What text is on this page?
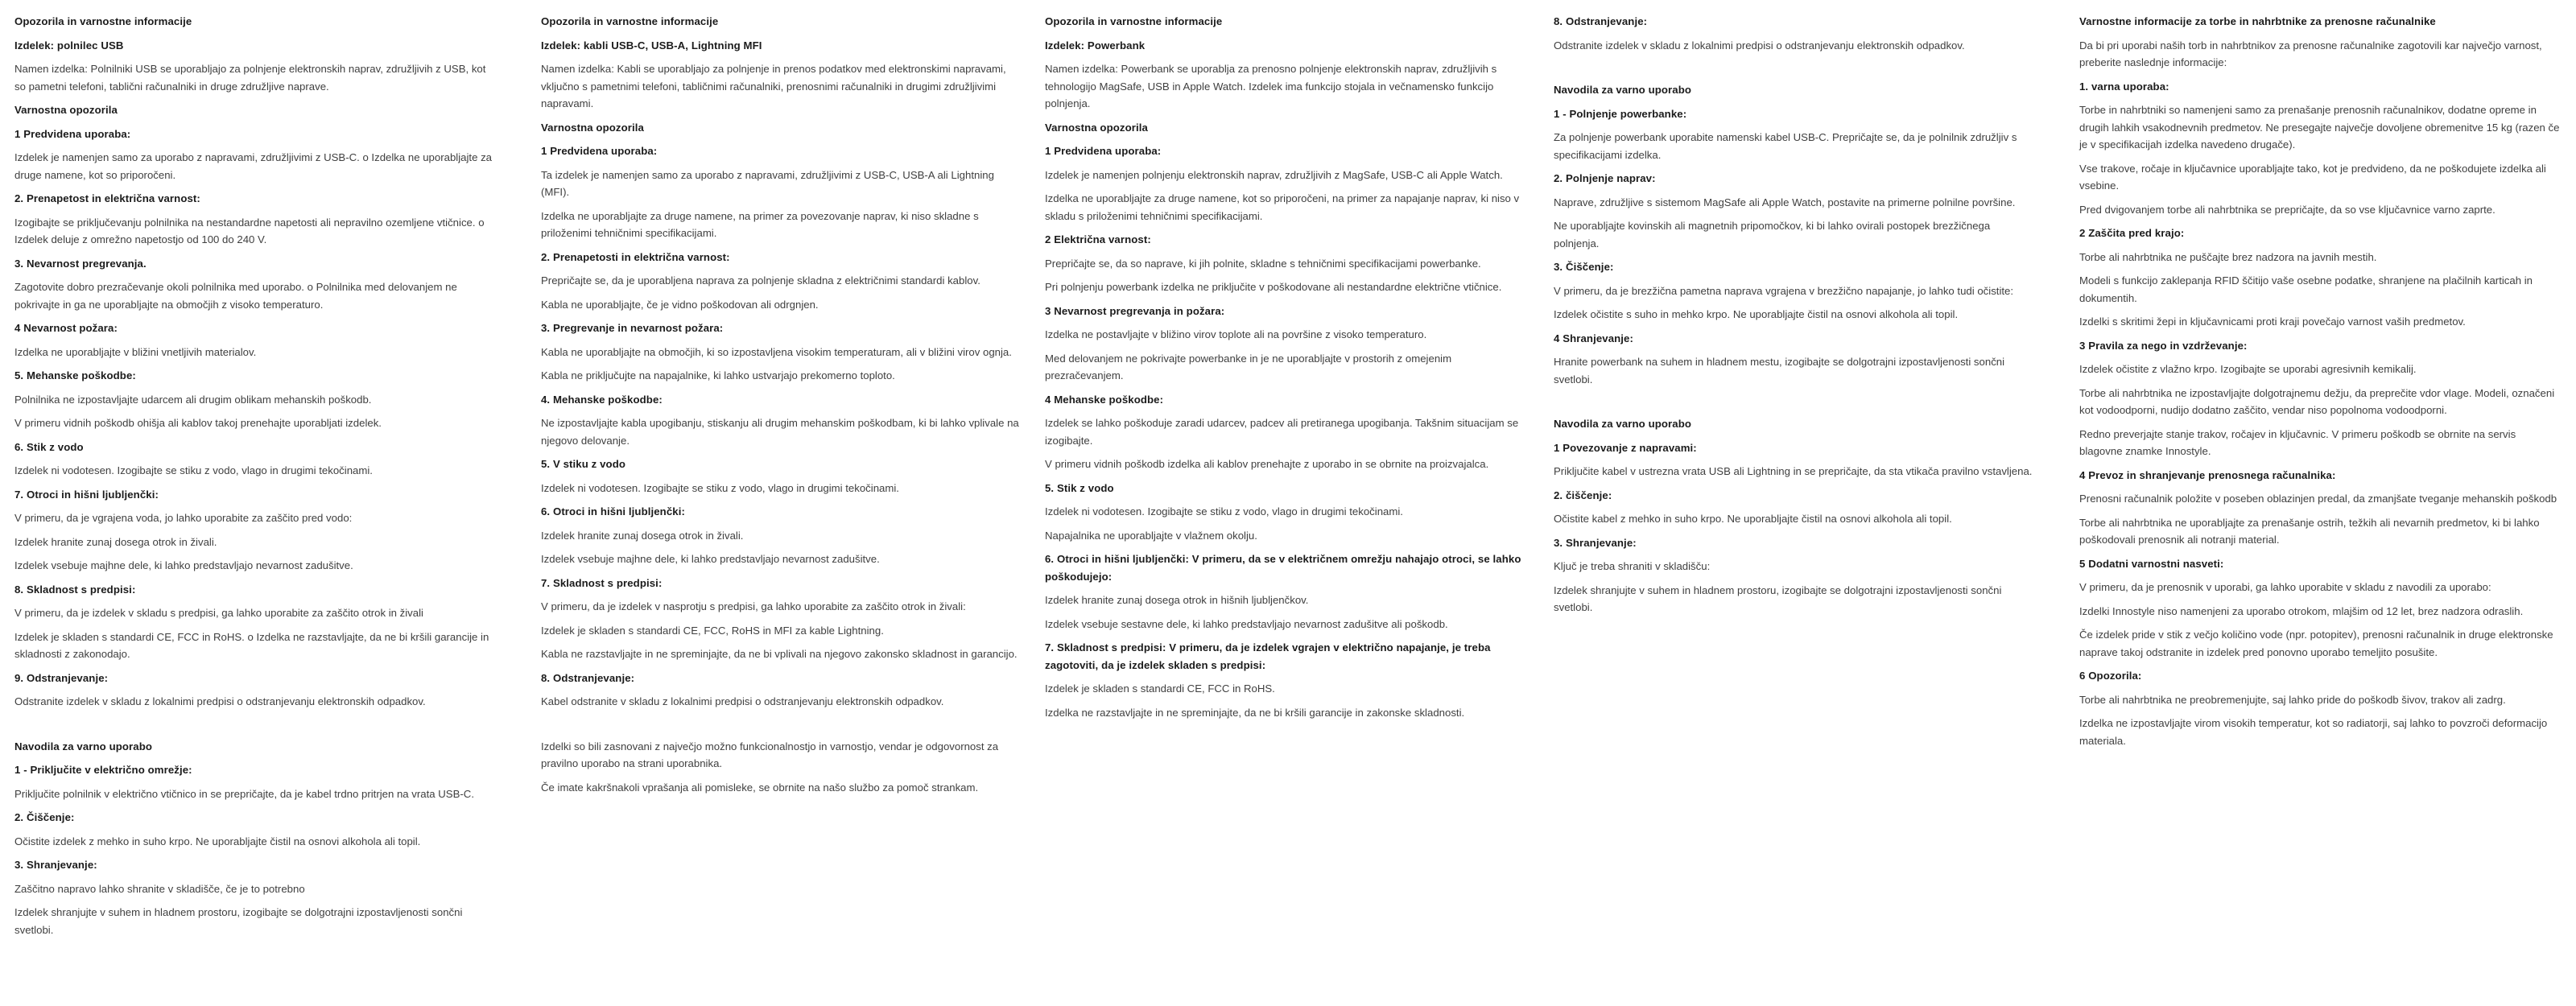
Opozorila in varnostne informacije
Izdelek: polnilec USB

Namen izdelka: Polnilniki USB se uporabljajo za polnjenje elektronskih naprav, združljivih z USB, kot so pametni telefoni, tablični računalniki in druge združljive naprave.

Varnostna opozorila
1 Predvidena uporaba:

Izdelek je namenjen samo za uporabo z napravami, združljivimi z USB-C. o Izdelka ne uporabljajte za druge namene, kot so priporočeni.

2. Prenapetost in električna varnost:

Izogibajte se priključevanju polnilnika na nestandardne napetosti ali nepravilno ozemljene vtičnice. o Izdelek deluje z omrežno napetostjo od 100 do 240 V.

3. Nevarnost pregrevanja.

Zagotovite dobro prezračevanje okoli polnilnika med uporabo. o Polnilnika med delovanjem ne pokrivajte in ga ne uporabljajte na območjih z visoko temperaturo.

4 Nevarnost požara:

Izdelka ne uporabljajte v bližini vnetljivih materialov.

5. Mehanske poškodbe:

Polnilnika ne izpostavljajte udarcem ali drugim oblikam mehanskih poškodb.

V primeru vidnih poškodb ohišja ali kablov takoj prenehajte uporabljati izdelek.

6. Stik z vodo

Izdelek ni vodotesen. Izogibajte se stiku z vodo, vlago in drugimi tekočinami.

7. Otroci in hišni ljubljenčki:

V primeru, da je vgrajena voda, jo lahko uporabite za zaščito pred vodo:

Izdelek hranite zunaj dosega otrok in živali.

Izdelek vsebuje majhne dele, ki lahko predstavljajo nevarnost zadušitve.

8. Skladnost s predpisi:

V primeru, da je izdelek v skladu s predpisi, ga lahko uporabite za zaščito otrok in živali

Izdelek je skladen s standardi CE, FCC in RoHS. o Izdelka ne razstavljajte, da ne bi kršili garancije in skladnosti z zakonodajo.

9. Odstranjevanje:

Odstranite izdelek v skladu z lokalnimi predpisi o odstranjevanju elektronskih odpadkov.

Navodila za varno uporabo
1 - Priključite v električno omrežje:

Priključite polnilnik v električno vtičnico in se prepričajte, da je kabel trdno pritrjen na vrata USB-C.

2. Čiščenje:

Očistite izdelek z mehko in suho krpo. Ne uporabljajte čistil na osnovi alkohola ali topil.

3. Shranjevanje:

Zaščitno napravo lahko shranite v skladišče, če je to potrebno

Izdelek shranjujte v suhem in hladnem prostoru, izogibajte se dolgotrajni izpostavljenosti sončni svetlobi.

Opozorila in varnostne informacije
Izdelek: kabli USB-C, USB-A, Lightning MFI

Namen izdelka: Kabli se uporabljajo za polnjenje in prenos podatkov med elektronskimi napravami, vključno s pametnimi telefoni, tabličnimi računalniki, prenosnimi računalniki in drugimi združljivimi napravami.

Varnostna opozorila
1 Predvidena uporaba:

Ta izdelek je namenjen samo za uporabo z napravami, združljivimi z USB-C, USB-A ali Lightning (MFI).

Izdelka ne uporabljajte za druge namene, na primer za povezovanje naprav, ki niso skladne s priloženimi tehničnimi specifikacijami.

2. Prenapetosti in električna varnost:

Prepričajte se, da je uporabljena naprava za polnjenje skladna z električnimi standardi kablov.

Kabla ne uporabljajte, če je vidno poškodovan ali odrgnjen.

3. Pregrevanje in nevarnost požara:

Kabla ne uporabljajte na območjih, ki so izpostavljena visokim temperaturam, ali v bližini virov ognja.

Kabla ne priključujte na napajalnike, ki lahko ustvarjajo prekomerno toploto.

4. Mehanske poškodbe:

Ne izpostavljajte kabla upogibanju, stiskanju ali drugim mehanskim poškodbam, ki bi lahko vplivale na njegovo delovanje.

5. V stiku z vodo

Izdelek ni vodotesen. Izogibajte se stiku z vodo, vlago in drugimi tekočinami.

6. Otroci in hišni ljubljenčki:

Izdelek hranite zunaj dosega otrok in živali.

Izdelek vsebuje majhne dele, ki lahko predstavljajo nevarnost zadušitve.

7. Skladnost s predpisi:

V primeru, da je izdelek v nasprotju s predpisi, ga lahko uporabite za zaščito otrok in živali:

Izdelek je skladen s standardi CE, FCC, RoHS in MFI za kable Lightning.

Kabla ne razstavljajte in ne spreminjajte, da ne bi vplivali na njegovo zakonsko skladnost in garancijo.

8. Odstranjevanje:

Kabel odstranite v skladu z lokalnimi predpisi o odstranjevanju elektronskih odpadkov.

Izdelki so bili zasnovani z največjo možno funkcionalnostjo in varnostjo, vendar je odgovornost za pravilno uporabo na strani uporabnika.

Če imate kakršnakoli vprašanja ali pomisleke, se obrnite na našo službo za pomoč strankam.

Opozorila in varnostne informacije
Izdelek: Powerbank

Namen izdelka: Powerbank se uporablja za prenosno polnjenje elektronskih naprav, združljivih s tehnologijo MagSafe, USB in Apple Watch. Izdelek ima funkcijo stojala in večnamensko funkcijo polnjenja.

Varnostna opozorila
1 Predvidena uporaba:

Izdelek je namenjen polnjenju elektronskih naprav, združljivih z MagSafe, USB-C ali Apple Watch.

Izdelka ne uporabljajte za druge namene, kot so priporočeni, na primer za napajanje naprav, ki niso v skladu s priloženimi tehničnimi specifikacijami.

2 Električna varnost:

Prepričajte se, da so naprave, ki jih polnite, skladne s tehničnimi specifikacijami powerbanke.

Pri polnjenju powerbank izdelka ne priključite v poškodovane ali nestandardne električne vtičnice.

3 Nevarnost pregrevanja in požara:

Izdelka ne postavljajte v bližino virov toplote ali na površine z visoko temperaturo.

Med delovanjem ne pokrivajte powerbanke in je ne uporabljajte v prostorih z omejenim prezračevanjem.

4 Mehanske poškodbe:

Izdelek se lahko poškoduje zaradi udarcev, padcev ali pretiranega upogibanja. Takšnim situacijam se izogibajte.

V primeru vidnih poškodb izdelka ali kablov prenehajte z uporabo in se obrnite na proizvajalca.

5. Stik z vodo

Izdelek ni vodotesen. Izogibajte se stiku z vodo, vlago in drugimi tekočinami.

Napajalnika ne uporabljajte v vlažnem okolju.

6. Otroci in hišni ljubljenčki: V primeru, da se v električnem omrežju nahajajo otroci, se lahko poškodujejo:

Izdelek hranite zunaj dosega otrok in hišnih ljubljenčkov.

Izdelek vsebuje sestavne dele, ki lahko predstavljajo nevarnost zadušitve ali poškodb.

7. Skladnost s predpisi: V primeru, da je izdelek vgrajen v električno napajanje, je treba zagotoviti, da je izdelek skladen s predpisi:

Izdelek je skladen s standardi CE, FCC in RoHS.

Izdelka ne razstavljajte in ne spreminjajte, da ne bi kršili garancije in zakonske skladnosti.

8. Odstranjevanje:

Odstranite izdelek v skladu z lokalnimi predpisi o odstranjevanju elektronskih odpadkov.

Navodila za varno uporabo
1 - Polnjenje powerbanke:

Za polnjenje powerbank uporabite namenski kabel USB-C. Prepričajte se, da je polnilnik združljiv s specifikacijami izdelka.

2. Polnjenje naprav:

Naprave, združljive s sistemom MagSafe ali Apple Watch, postavite na primerne polnilne površine.

Ne uporabljajte kovinskih ali magnetnih pripomočkov, ki bi lahko ovirali postopek brezžičnega polnjenja.

3. Čiščenje:

V primeru, da je brezžična pametna naprava vgrajena v brezžično napajanje, jo lahko tudi očistite:

Izdelek očistite s suho in mehko krpo. Ne uporabljajte čistil na osnovi alkohola ali topil.

4 Shranjevanje:

Hranite powerbank na suhem in hladnem mestu, izogibajte se dolgotrajni izpostavljenosti sončni svetlobi.

Navodila za varno uporabo
1 Povezovanje z napravami:

Priključite kabel v ustrezna vrata USB ali Lightning in se prepričajte, da sta vtikača pravilno vstavljena.

2. čiščenje:

Očistite kabel z mehko in suho krpo. Ne uporabljajte čistil na osnovi alkohola ali topil.

3. Shranjevanje:

Ključ je treba shraniti v skladišču:

Izdelek shranjujte v suhem in hladnem prostoru, izogibajte se dolgotrajni izpostavljenosti sončni svetlobi.

Varnostne informacije za torbe in nahrbtnike za prenosne računalnike

Da bi pri uporabi naših torb in nahrbtnikov za prenosne računalnike zagotovili kar največjo varnost, preberite naslednje informacije:

1. varna uporaba:

Torbe in nahrbtniki so namenjeni samo za prenašanje prenosnih računalnikov, dodatne opreme in drugih lahkih vsakodnevnih predmetov. Ne presegajte največje dovoljene obremenitve 15 kg (razen če je v specifikacijah izdelka navedeno drugače).

Vse trakove, ročaje in ključavnice uporabljajte tako, kot je predvideno, da ne poškodujete izdelka ali vsebine.

Pred dvigovanjem torbe ali nahrbtnika se prepričajte, da so vse ključavnice varno zaprte.

2 Zaščita pred krajo:

Torbe ali nahrbtnika ne puščajte brez nadzora na javnih mestih.

Modeli s funkcijo zaklepanja RFID ščitijo vaše osebne podatke, shranjene na plačilnih karticah in dokumentih.

Izdelki s skritimi žepi in ključavnicami proti kraji povečajo varnost vaših predmetov.

3 Pravila za nego in vzdrževanje:

Izdelek očistite z vlažno krpo. Izogibajte se uporabi agresivnih kemikalij.

Torbe ali nahrbtnika ne izpostavljajte dolgotrajnemu dežju, da preprečite vdor vlage. Modeli, označeni kot vodoodporni, nudijo dodatno zaščito, vendar niso popolnoma vodoodporni.

Redno preverjajte stanje trakov, ročajev in ključavnic. V primeru poškodb se obrnite na servis blagovne znamke Innostyle.

4 Prevoz in shranjevanje prenosnega računalnika:

Prenosni računalnik položite v poseben oblazinjen predal, da zmanjšate tveganje mehanskih poškodb

Torbe ali nahrbtnika ne uporabljajte za prenašanje ostrih, težkih ali nevarnih predmetov, ki bi lahko poškodovali prenosnik ali notranji material.

5 Dodatni varnostni nasveti:

V primeru, da je prenosnik v uporabi, ga lahko uporabite v skladu z navodili za uporabo:

Izdelki Innostyle niso namenjeni za uporabo otrokom, mlajšim od 12 let, brez nadzora odraslih.

Če izdelek pride v stik z večjo količino vode (npr. potopitev), prenosni računalnik in druge elektronske naprave takoj odstranite in izdelek pred ponovno uporabo temeljito posušite.

6 Opozorila:

Torbe ali nahrbtnika ne preobremenjujte, saj lahko pride do poškodb šivov, trakov ali zadrg.

Izdelka ne izpostavljajte virom visokih temperatur, kot so radiatorji, saj lahko to povzroči deformacijo materiala.
